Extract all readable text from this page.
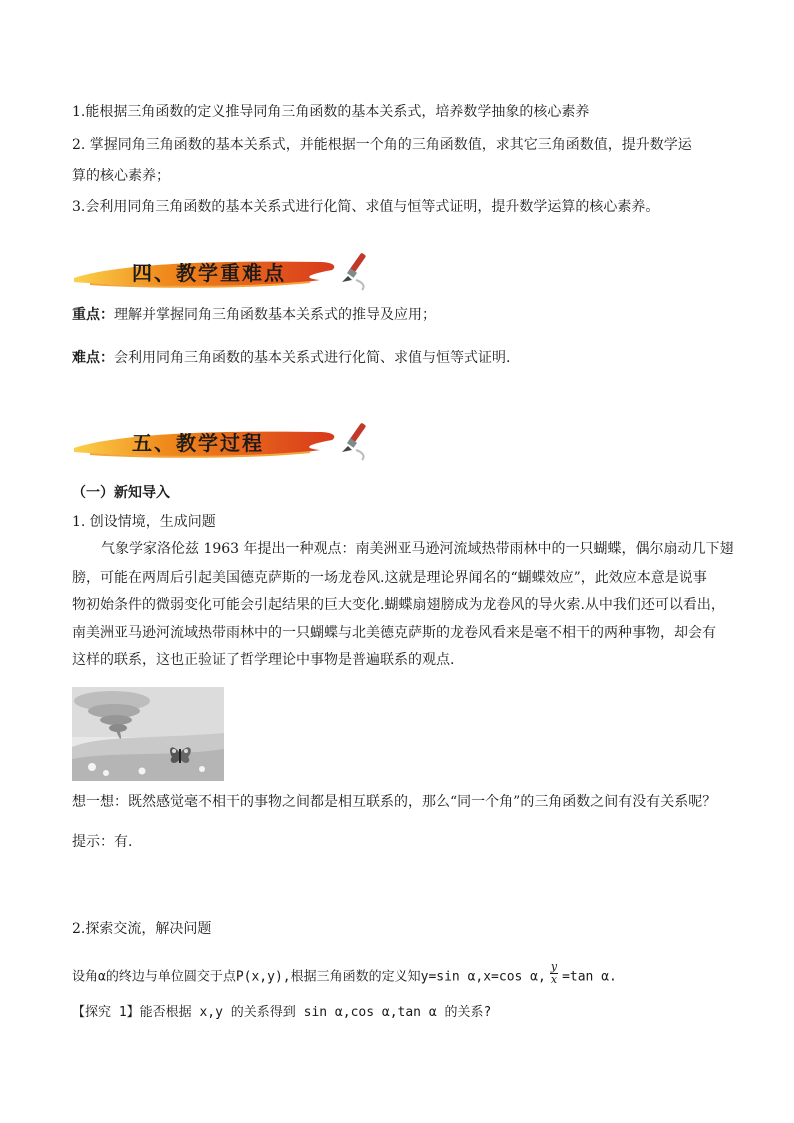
1.能根据三角函数的定义推导同角三角函数的基本关系式，培养数学抽象的核心素养
2. 掌握同角三角函数的基本关系式，并能根据一个角的三角函数值，求其它三角函数值，提升数学运
算的核心素养；
3.会利用同角三角函数的基本关系式进行化简、求值与恒等式证明，提升数学运算的核心素养。
四、教学重难点
重点：理解并掌握同角三角函数基本关系式的推导及应用；
难点：会利用同角三角函数的基本关系式进行化简、求值与恒等式证明.
五、教学过程
（一）新知导入
1. 创设情境，生成问题
气象学家洛伦兹 1963 年提出一种观点：南美洲亚马逊河流域热带雨林中的一只蝴蝶，偶尔扇动几下翅
膀，可能在两周后引起美国德克萨斯的一场龙卷风.这就是理论界闻名的“蝴蝶效应”，此效应本意是说事
物初始条件的微弱变化可能会引起结果的巨大变化.蝴蝶扇翅膀成为龙卷风的导火索.从中我们还可以看出，
南美洲亚马逊河流域热带雨林中的一只蝴蝶与北美德克萨斯的龙卷风看来是毫不相干的两种事物，却会有
这样的联系，这也正验证了哲学理论中事物是普遍联系的观点.
想一想：既然感觉毫不相干的事物之间都是相互联系的，那么“同一个角”的三角函数之间有没有关系呢？
提示：有.
2.探索交流，解决问题
设角α的终边与单位圆交于点P(x,y),根据三角函数的定义知y=sin α,x=cos α, $\frac{y}{x} =\tan$ α.
【探究 1】能否根据 x,y 的关系得到 sin α,cos α,tan α 的关系?
